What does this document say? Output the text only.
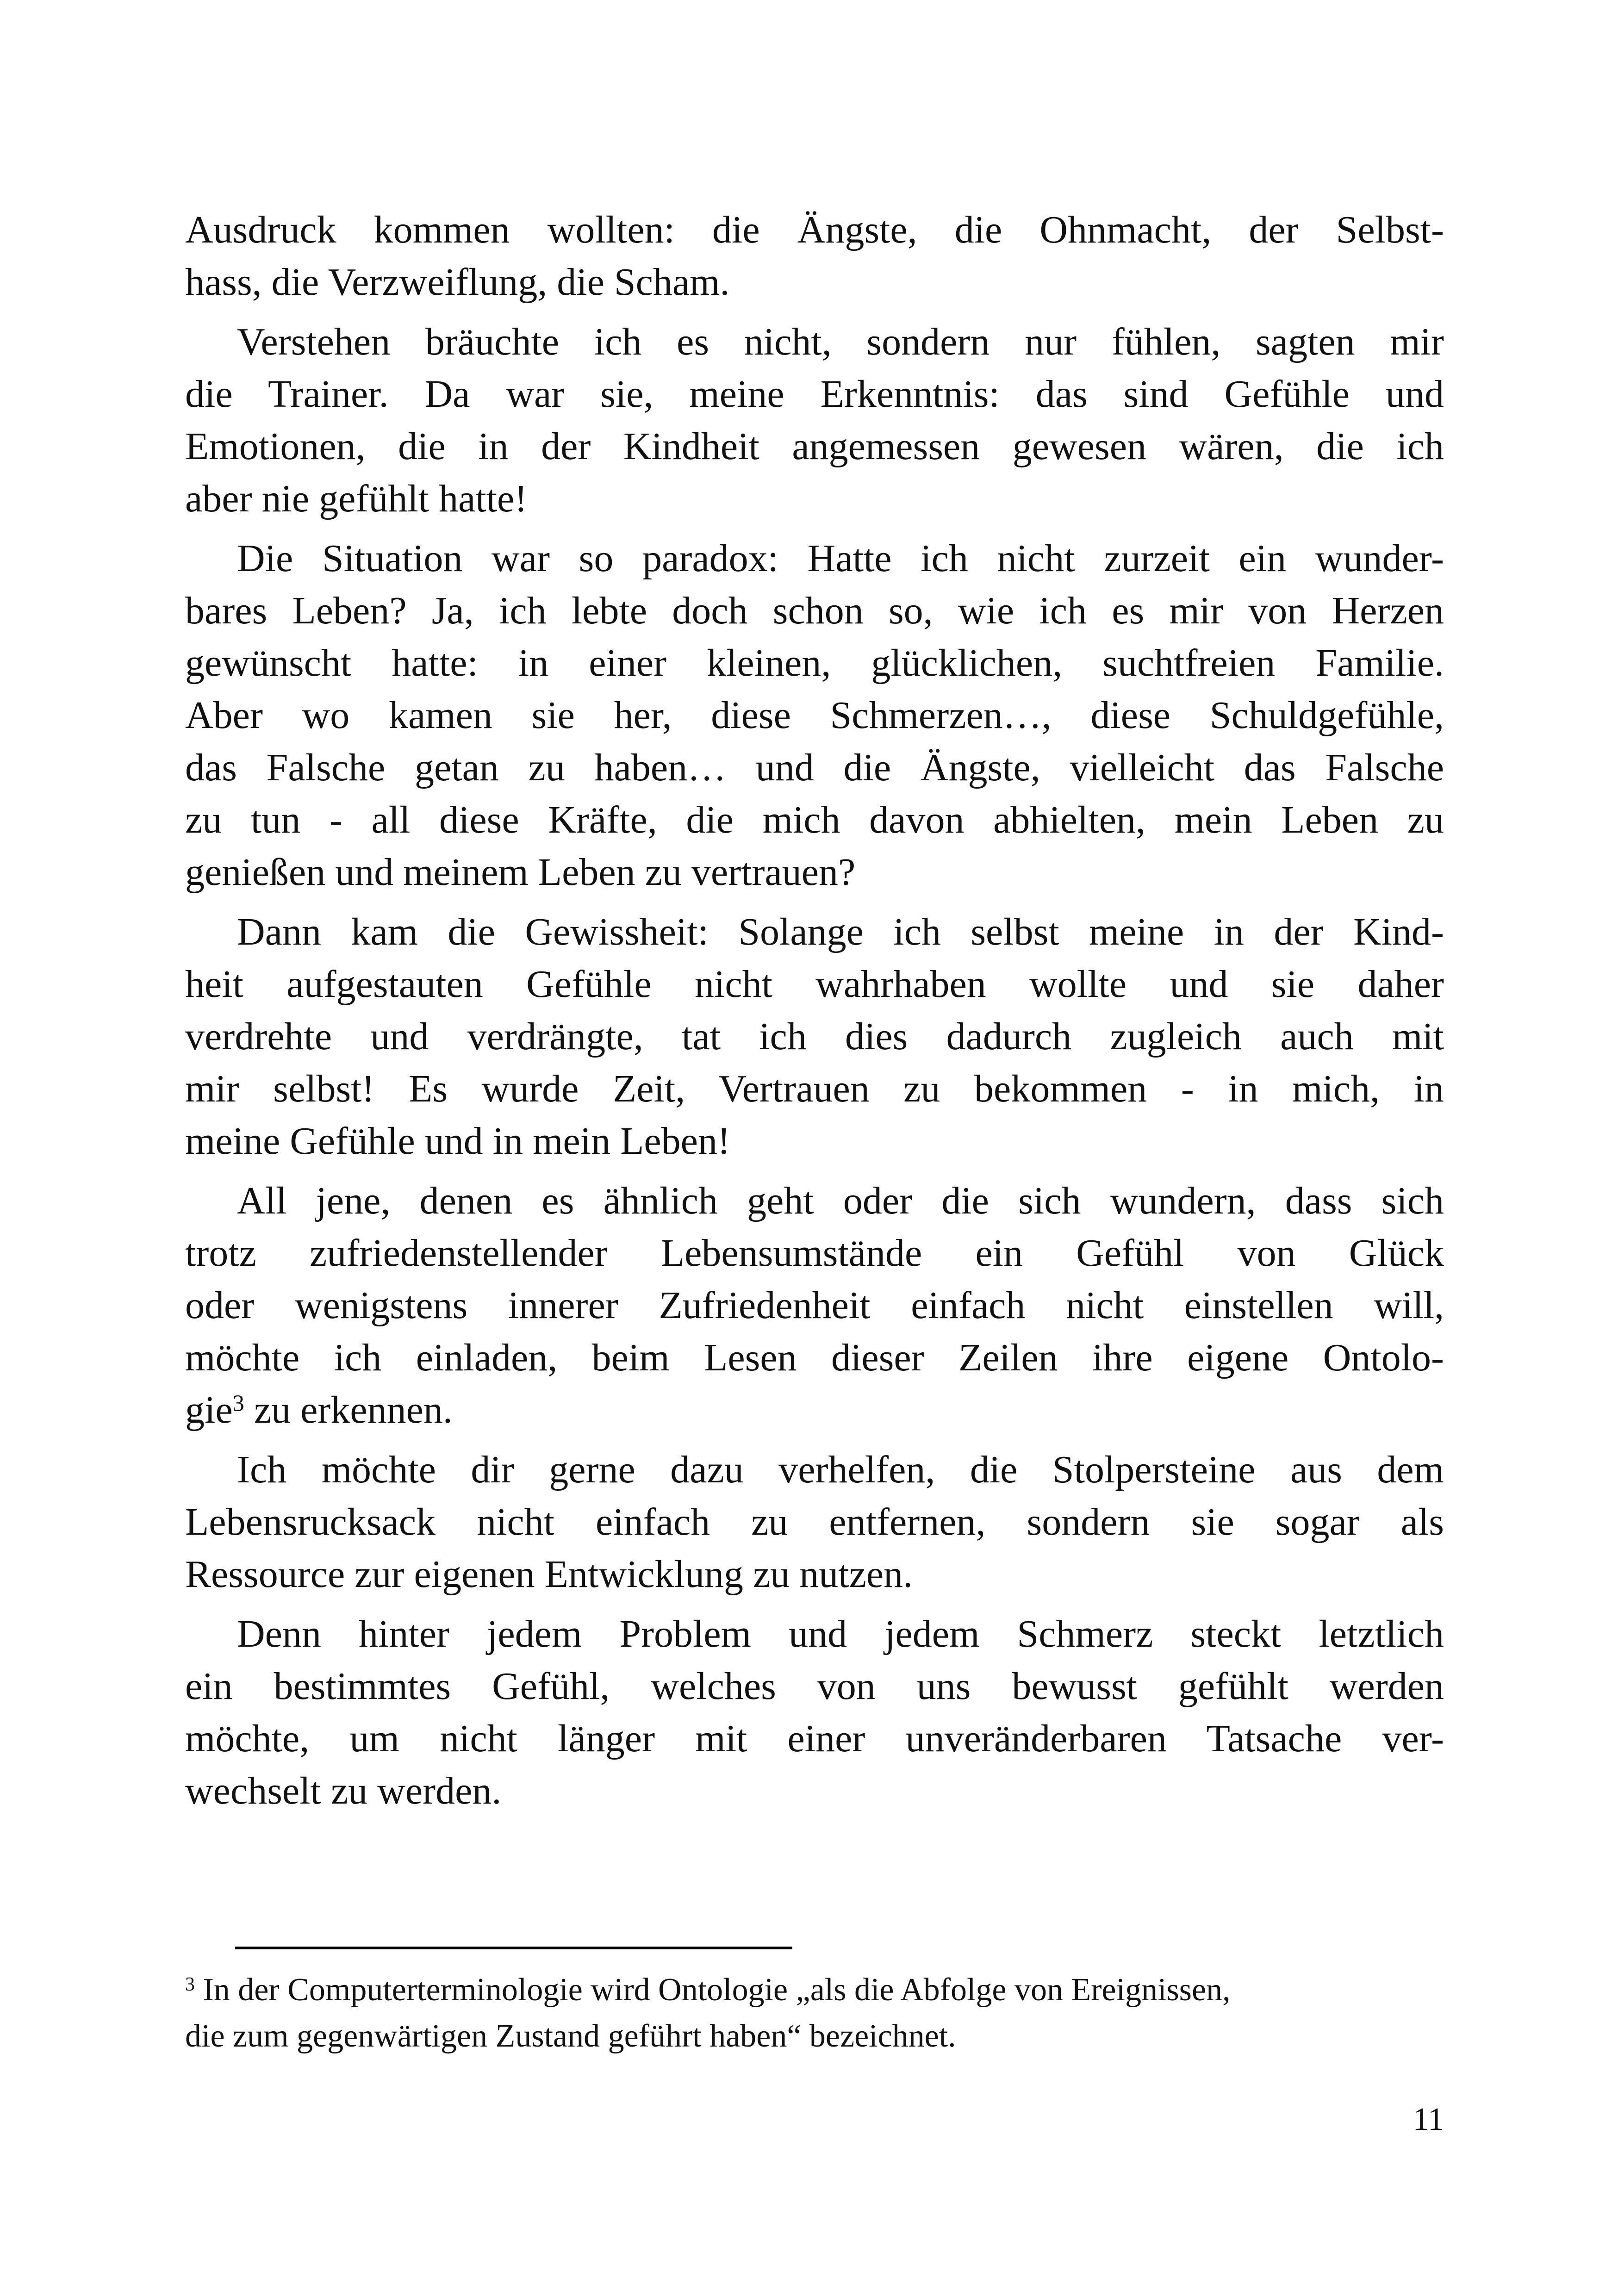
Ausdruck kommen wollten: die Ängste, die Ohnmacht, der Selbst-
hass, die Verzweiflung, die Scham.

Verstehen bräuchte ich es nicht, sondern nur fühlen, sagten mir
die Trainer. Da war sie, meine Erkenntnis: das sind Gefühle und
Emotionen, die in der Kindheit angemessen gewesen wären, die ich
aber nie gefühlt hatte!

Die Situation war so paradox: Hatte ich nicht zurzeit ein wunder-
bares Leben? Ja, ich lebte doch schon so, wie ich es mir von Herzen
gewünscht hatte: in einer kleinen, glücklichen, suchtfreien Familie.
Aber wo kamen sie her, diese Schmerzen…, diese Schuldgefühle,
das Falsche getan zu haben… und die Ängste, vielleicht das Falsche
zu tun - all diese Kräfte, die mich davon abhielten, mein Leben zu
genießen und meinem Leben zu vertrauen?

Dann kam die Gewissheit: Solange ich selbst meine in der Kind-
heit aufgestauten Gefühle nicht wahrhaben wollte und sie daher
verdrehte und verdrängte, tat ich dies dadurch zugleich auch mit
mir selbst! Es wurde Zeit, Vertrauen zu bekommen - in mich, in
meine Gefühle und in mein Leben!

All jene, denen es ähnlich geht oder die sich wundern, dass sich
trotz zufriedenstellender Lebensumstände ein Gefühl von Glück
oder wenigstens innerer Zufriedenheit einfach nicht einstellen will,
möchte ich einladen, beim Lesen dieser Zeilen ihre eigene Ontolo-
gie$^3$ zu erkennen.

Ich möchte dir gerne dazu verhelfen, die Stolpersteine aus dem
Lebensrucksack nicht einfach zu entfernen, sondern sie sogar als
Ressource zur eigenen Entwicklung zu nutzen.

Denn hinter jedem Problem und jedem Schmerz steckt letztlich
ein bestimmtes Gefühl, welches von uns bewusst gefühlt werden
möchte, um nicht länger mit einer unveränderbaren Tatsache ver-
wechselt zu werden.

$^3$ In der Computerterminologie wird Ontologie „als die Abfolge von Ereignissen,
die zum gegenwärtigen Zustand geführt haben“ bezeichnet.
11
